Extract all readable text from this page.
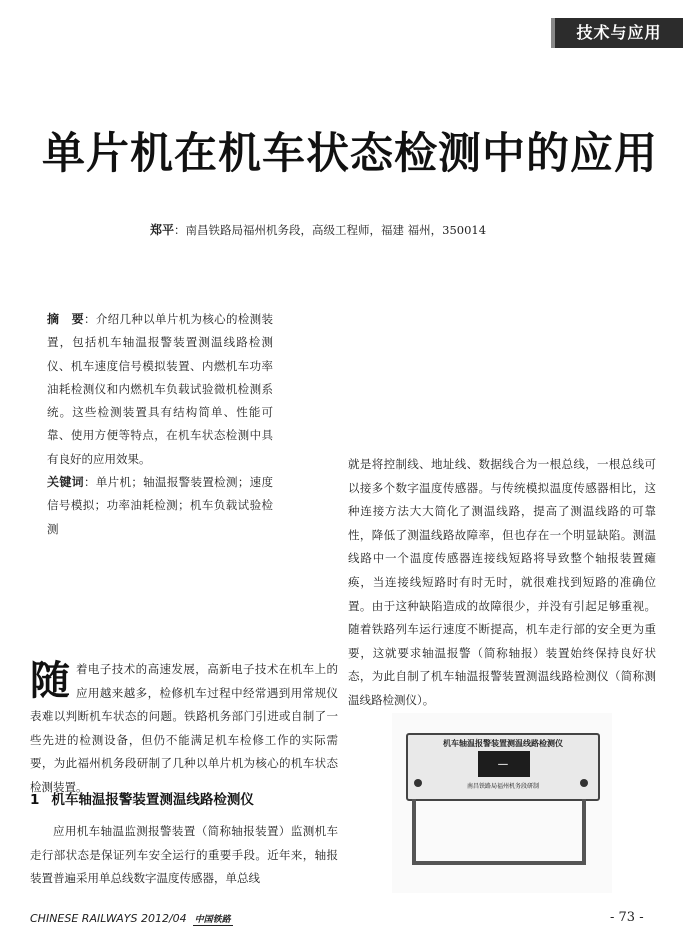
技术与应用
单片机在机车状态检测中的应用
郑平：南昌铁路局福州机务段，高级工程师，福建 福州，350014
摘　要：介绍几种以单片机为核心的检测装置，包括机车轴温报警装置测温线路检测仪、机车速度信号模拟装置、内燃机车功率油耗检测仪和内燃机车负载试验微机检测系统。这些检测装置具有结构简单、性能可靠、使用方便等特点，在机车状态检测中具有良好的应用效果。
关键词：单片机；轴温报警装置检测；速度信号模拟；功率油耗检测；机车负载试验检测

就是将控制线、地址线、数据线合为一根总线，一根总线可以接多个数字温度传感器。与传统模拟温度传感器相比，这种连接方法大大简化了测温线路，提高了测温线路的可靠性，降低了测温线路故障率，但也存在一个明显缺陷。测温线路中一个温度传感器连接线短路将导致整个轴报装置瘫痪，当连接线短路时有时无时，就很难找到短路的准确位置。由于这种缺陷造成的故障很少，并没有引起足够重视。随着铁路列车运行速度不断提高，机车走行部的安全更为重要，这就要求轴温报警（简称轴报）装置始终保持良好状态，为此自制了机车轴温报警装置测温线路检测仪（简称测温线路检测仪）。

随 着电子技术的高速发展，高新电子技术在机车上的应用越来越多，检修机车过程中经常遇到用常规仪表难以判断机车状态的问题。铁路机务部门引进或自制了一些先进的检测设备，但仍不能满足机车检修工作的实际需要，为此福州机务段研制了几种以单片机为核心的机车状态检测装置。

1 机车轴温报警装置测温线路检测仪

应用机车轴温监测报警装置（简称轴报装置）监测机车走行部状态是保证列车安全运行的重要手段。近年来，轴报装置普遍采用单总线数字温度传感器，单总线

机车轴温报警装置测温线路检测仪
–
南昌铁路局福州机务段研制
CHINESE RAILWAYS 2012/04 中国铁路	- 73 -
